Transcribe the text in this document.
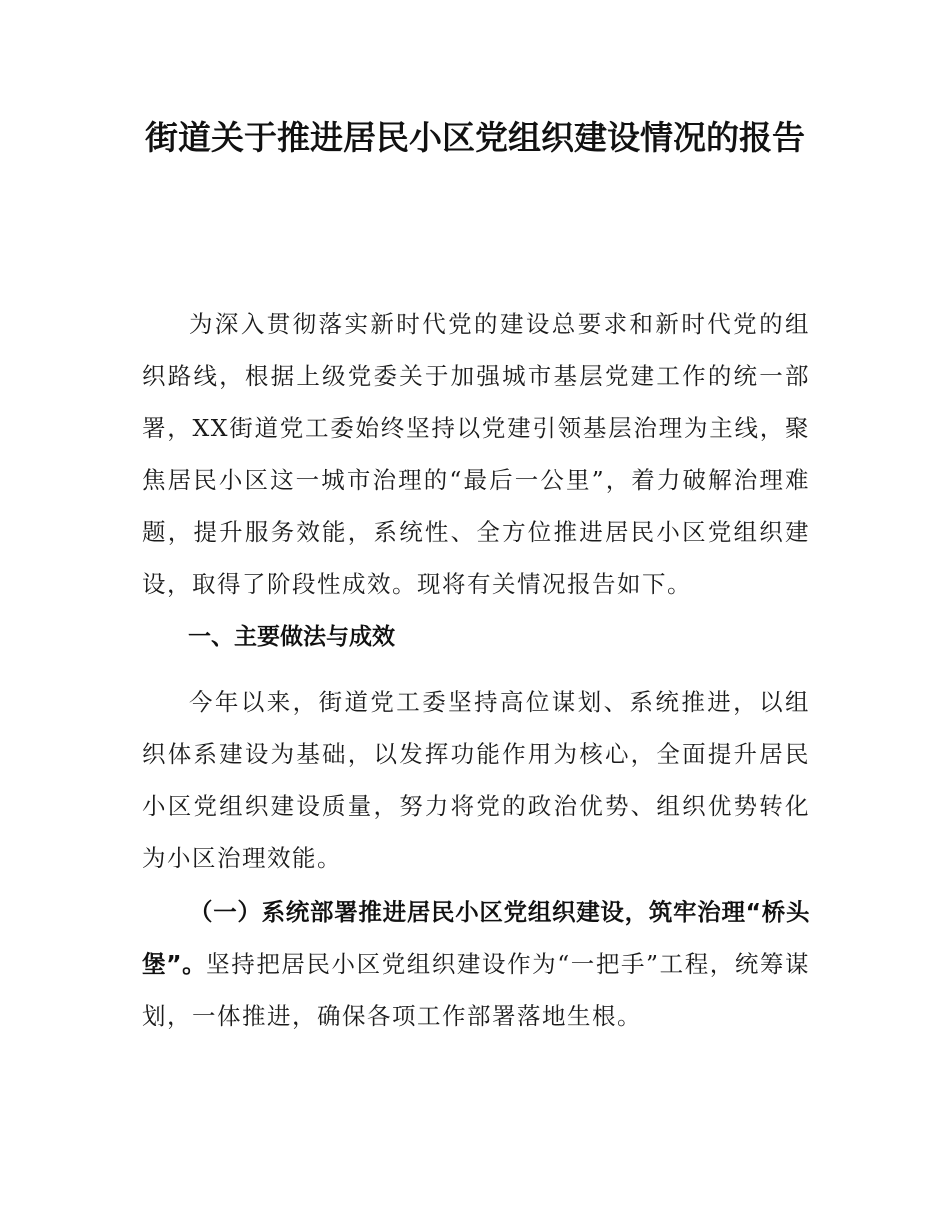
街道关于推进居民小区党组织建设情况的报告

为深入贯彻落实新时代党的建设总要求和新时代党的组织路线，根据上级党委关于加强城市基层党建工作的统一部署，XX街道党工委始终坚持以党建引领基层治理为主线，聚焦居民小区这一城市治理的“最后一公里”，着力破解治理难题，提升服务效能，系统性、全方位推进居民小区党组织建设，取得了阶段性成效。现将有关情况报告如下。

一、主要做法与成效

今年以来，街道党工委坚持高位谋划、系统推进，以组织体系建设为基础，以发挥功能作用为核心，全面提升居民小区党组织建设质量，努力将党的政治优势、组织优势转化为小区治理效能。

（一）系统部署推进居民小区党组织建设，筑牢治理“桥头堡”。坚持把居民小区党组织建设作为“一把手”工程，统筹谋划，一体推进，确保各项工作部署落地生根。
